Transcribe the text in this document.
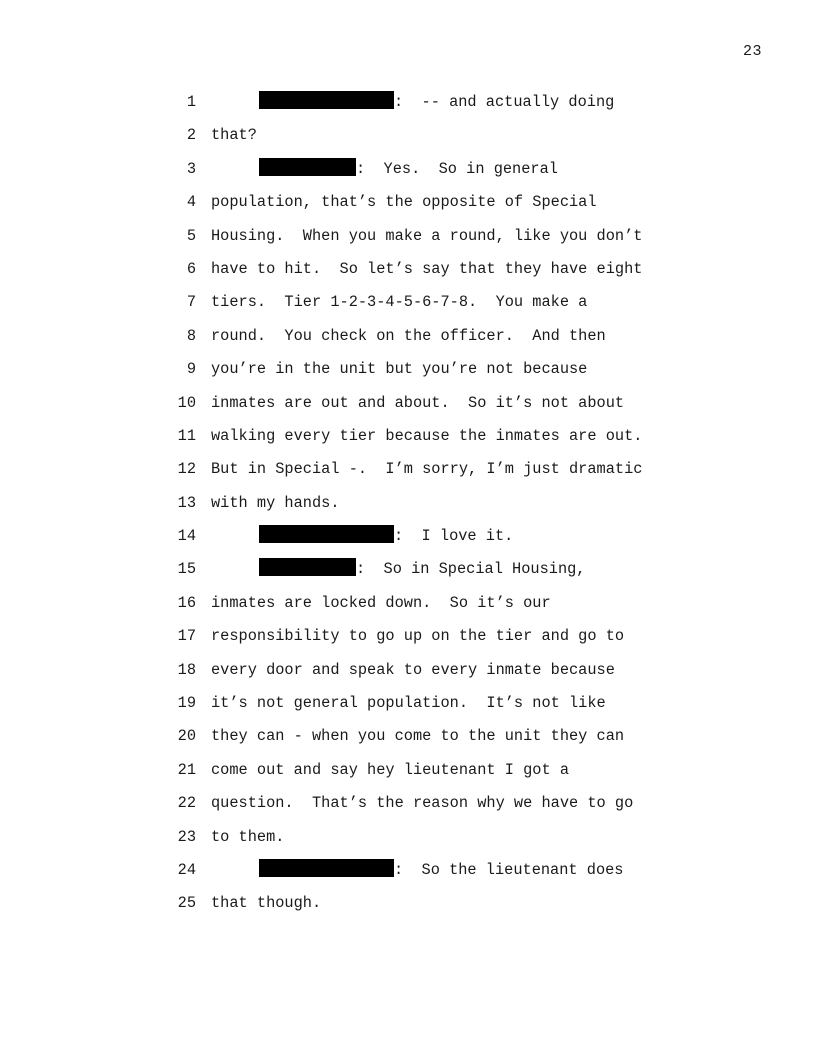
23
1	:  -- and actually doing
2 that?
3	:  Yes.  So in general
4 population, that’s the opposite of Special
5 Housing.  When you make a round, like you don’t
6 have to hit.  So let’s say that they have eight
7 tiers.  Tier 1-2-3-4-5-6-7-8.  You make a
8 round.  You check on the officer.  And then
9 you’re in the unit but you’re not because
10 inmates are out and about.  So it’s not about
11 walking every tier because the inmates are out.
12 But in Special -.  I’m sorry, I’m just dramatic
13 with my hands.
14	:  I love it.
15	:  So in Special Housing,
16 inmates are locked down.  So it’s our
17 responsibility to go up on the tier and go to
18 every door and speak to every inmate because
19 it’s not general population.  It’s not like
20 they can - when you come to the unit they can
21 come out and say hey lieutenant I got a
22 question.  That’s the reason why we have to go
23 to them.
24	:  So the lieutenant does
25 that though.
